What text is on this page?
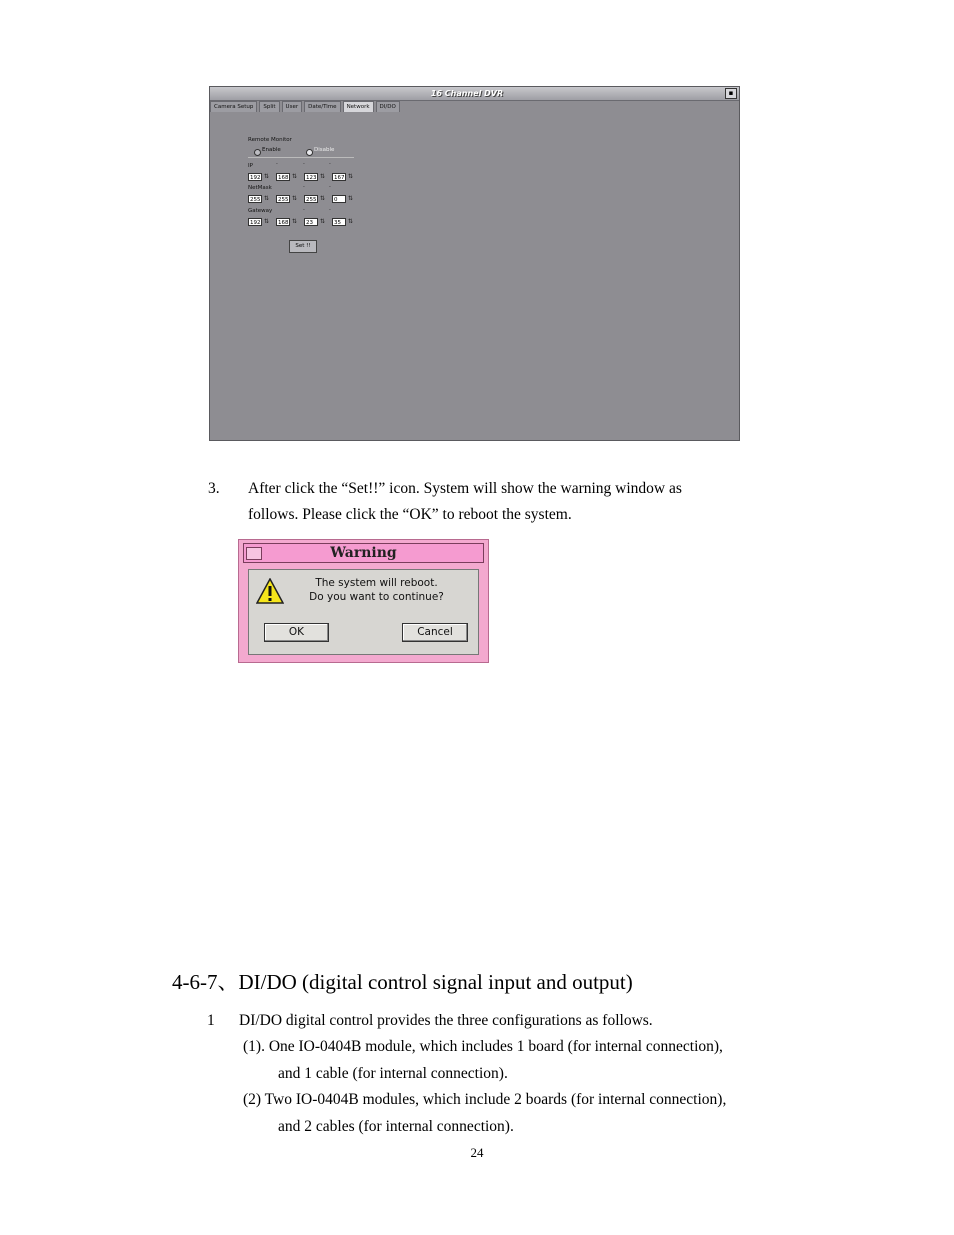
16 Channel DVR	▪
Camera Setup	Split	User	Date/Time	Network	DI/DO
Remote Monitor
Enable	Disable
IP	.	.	.
192 ⇅	168 ⇅	123 ⇅	167 ⇅
NetMask	.	.
255 ⇅	255 ⇅	255 ⇅	0	⇅
Gateway	.	.
192 ⇅	168 ⇅	23	⇅	35	⇅
Set !!
3. After click the “Set!!” icon. System will show the warning window as
follows. Please click the “OK” to reboot the system.
Warning
The system will reboot.
Do you want to continue?
OK	Cancel
4-6-7、DI/DO (digital control signal input and output)
1 DI/DO digital control provides the three configurations as follows.
(1). One IO-0404B module, which includes 1 board (for internal connection),
and 1 cable (for internal connection).
(2) Two IO-0404B modules, which include 2 boards (for internal connection),
and 2 cables (for internal connection).
24
